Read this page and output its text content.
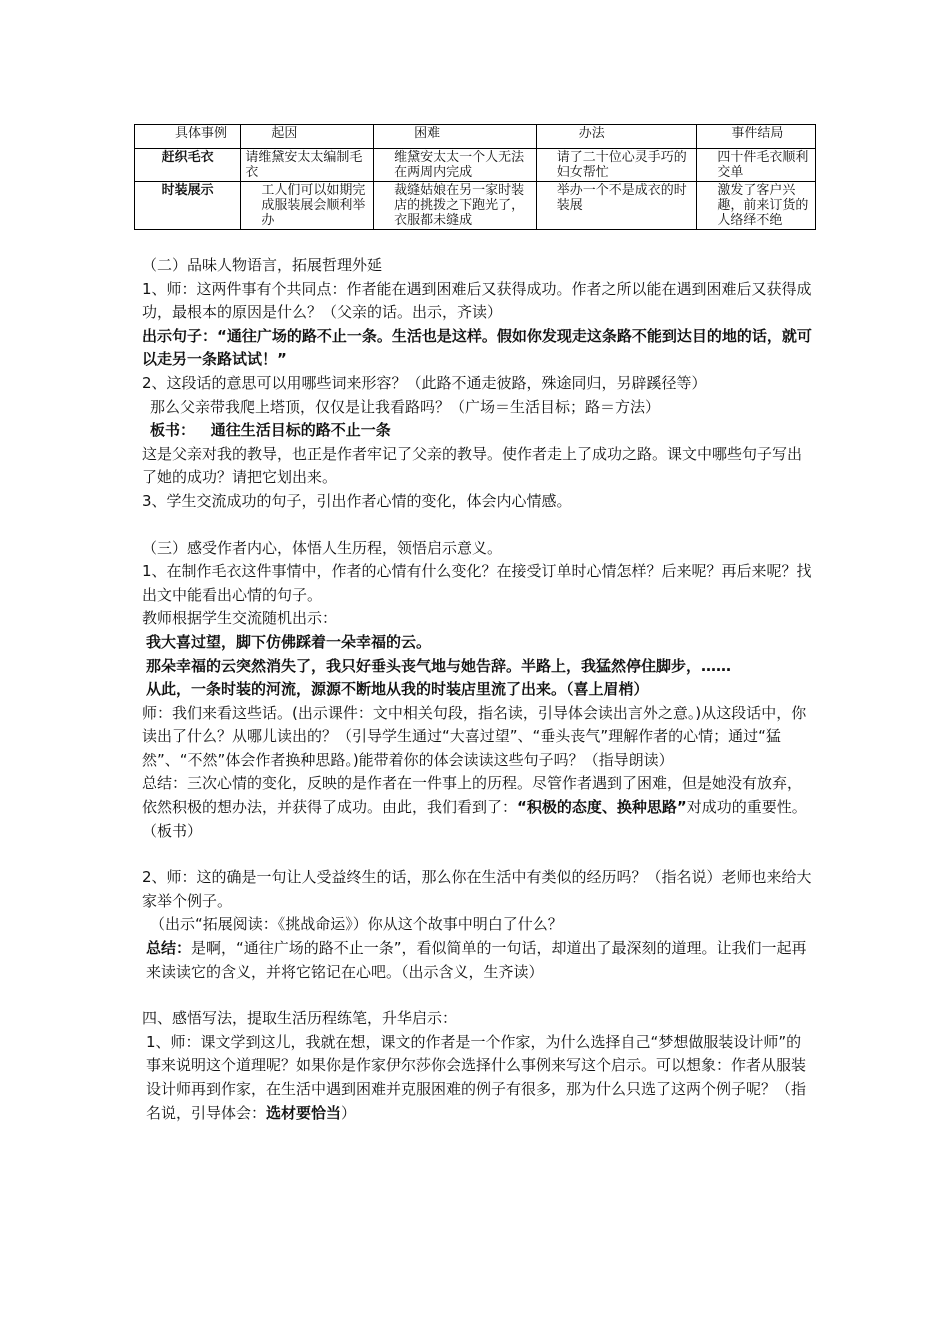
具体事例	起因	困难	办法	事件结局
赶织毛衣	请维黛安太太编制毛衣	维黛安太太一个人无法在两周内完成	请了二十位心灵手巧的妇女帮忙	四十件毛衣顺利交单
时装展示	工人们可以如期完成服装展会顺利举办	裁缝姑娘在另一家时装店的挑拨之下跑光了，衣服都未缝成	举办一个不是成衣的时装展	激发了客户兴趣，前来订货的人络绎不绝

（二）品味人物语言，拓展哲理外延

1、师：这两件事有个共同点：作者能在遇到困难后又获得成功。作者之所以能在遇到困难后又获得成功，最根本的原因是什么？（父亲的话。出示，齐读）

出示句子：“通往广场的路不止一条。生活也是这样。假如你发现走这条路不能到达目的地的话，就可以走另一条路试试！”

2、这段话的意思可以用哪些词来形容？（此路不通走彼路，殊途同归，另辟蹊径等）

那么父亲带我爬上塔顶，仅仅是让我看路吗？（广场＝生活目标；路＝方法）

板书： 通往生活目标的路不止一条

这是父亲对我的教导，也正是作者牢记了父亲的教导。使作者走上了成功之路。课文中哪些句子写出了她的成功？请把它划出来。

3、学生交流成功的句子，引出作者心情的变化，体会内心情感。

（三）感受作者内心，体悟人生历程，领悟启示意义。

1、在制作毛衣这件事情中，作者的心情有什么变化？在接受订单时心情怎样？后来呢？再后来呢？找出文中能看出心情的句子。

教师根据学生交流随机出示：

我大喜过望，脚下仿佛踩着一朵幸福的云。

那朵幸福的云突然消失了，我只好垂头丧气地与她告辞。半路上，我猛然停住脚步，……

从此，一条时装的河流，源源不断地从我的时装店里流了出来。（喜上眉梢）

师：我们来看这些话。(出示课件：文中相关句段，指名读，引导体会读出言外之意。)从这段话中，你读出了什么？从哪儿读出的？（引导学生通过“大喜过望”、“垂头丧气”理解作者的心情；通过“猛然”、“不然”体会作者换种思路。)能带着你的体会读读这些句子吗？（指导朗读）

总结：三次心情的变化，反映的是作者在一件事上的历程。尽管作者遇到了困难，但是她没有放弃，依然积极的想办法，并获得了成功。由此，我们看到了：“积极的态度、换种思路”对成功的重要性。（板书）

2、师：这的确是一句让人受益终生的话，那么你在生活中有类似的经历吗？（指名说）老师也来给大家举个例子。

（出示“拓展阅读：《挑战命运》）你从这个故事中明白了什么？

总结：是啊，“通往广场的路不止一条”，看似简单的一句话，却道出了最深刻的道理。让我们一起再来读读它的含义，并将它铭记在心吧。（出示含义，生齐读）

四、感悟写法，提取生活历程练笔，升华启示：

1、师：课文学到这儿，我就在想，课文的作者是一个作家，为什么选择自己“梦想做服装设计师”的事来说明这个道理呢？如果你是作家伊尔莎你会选择什么事例来写这个启示。可以想象：作者从服装设计师再到作家，在生活中遇到困难并克服困难的例子有很多，那为什么只选了这两个例子呢？（指名说，引导体会：选材要恰当）
